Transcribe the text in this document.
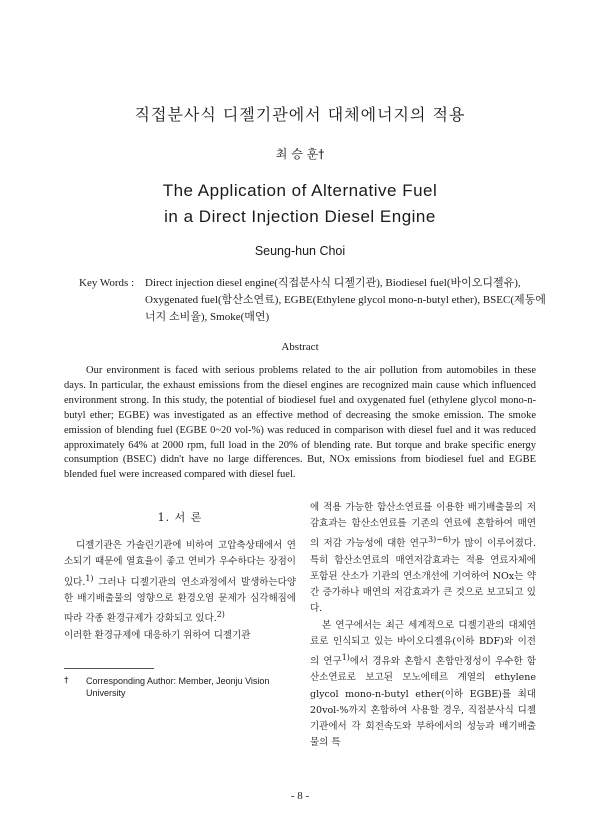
직접분사식 디젤기관에서 대체에너지의 적용
최 승 훈†
The Application of Alternative Fuel
in a Direct Injection Diesel Engine
Seung-hun Choi
Key Words : Direct injection diesel engine(직접분사식 디젤기관), Biodiesel fuel(바이오디젤유), Oxygenated fuel(함산소연료), EGBE(Ethylene glycol mono-n-butyl ether), BSEC(제동에너지 소비율), Smoke(매연)
Abstract

Our environment is faced with serious problems related to the air pollution from automobiles in these days. In particular, the exhaust emissions from the diesel engines are recognized main cause which influenced environment strong. In this study, the potential of biodiesel fuel and oxygenated fuel (ethylene glycol mono-n-butyl ether; EGBE) was investigated as an effective method of decreasing the smoke emission. The smoke emission of blending fuel (EGBE 0~20 vol-%) was reduced in comparison with diesel fuel and it was reduced approximately 64% at 2000 rpm, full load in the 20% of blending rate. But torque and brake specific energy consumption (BSEC) didn't have no large differences. But, NOx emissions from biodiesel fuel and EGBE blended fuel were increased compared with diesel fuel.

1. 서 론

디젤기관은 가솔린기관에 비하여 고압축상태에서 연소되기 때문에 열효율이 좋고 연비가 우수하다는 장점이 있다.$^{1)}$ 그러나 디젤기관의 연소과정에서 발생하는다양한 배기배출물의 영향으로 환경오염 문제가 심각해짐에 따라 각종 환경규제가 강화되고 있다.$^{2)}$

이러한 환경규제에 대응하기 위하여 디젤기관

에 적용 가능한 함산소연료를 이용한 배기배출물의 저감효과는 함산소연료를 기존의 연료에 혼합하여 매연의 저감 가능성에 대한 연구$^{3)\sim 6)}$가 많이 이루어졌다. 특히 함산소연료의 매연저감효과는 적용 연료자체에 포함된 산소가 기관의 연소개선에 기여하여 NOx는 약간 증가하나 매연의 저감효과가 큰 것으로 보고되고 있다.

본 연구에서는 최근 세계적으로 디젤기관의 대체연료로 인식되고 있는 바이오디젤유(이하 BDF)와 이전의 연구$^{1)}$에서 경유와 혼합시 혼합안정성이 우수한 함산소연료로 보고된 모노에테르 계열의 ethylene glycol mono-n-butyl ether(이하 EGBE)를 최대 20vol-%까지 혼합하여 사용할 경우, 직접분사식 디젤기관에서 각 회전속도와 부하에서의 성능과 배기배출물의 특

† Corresponding Author: Member, Jeonju Vision University
- 8 -
